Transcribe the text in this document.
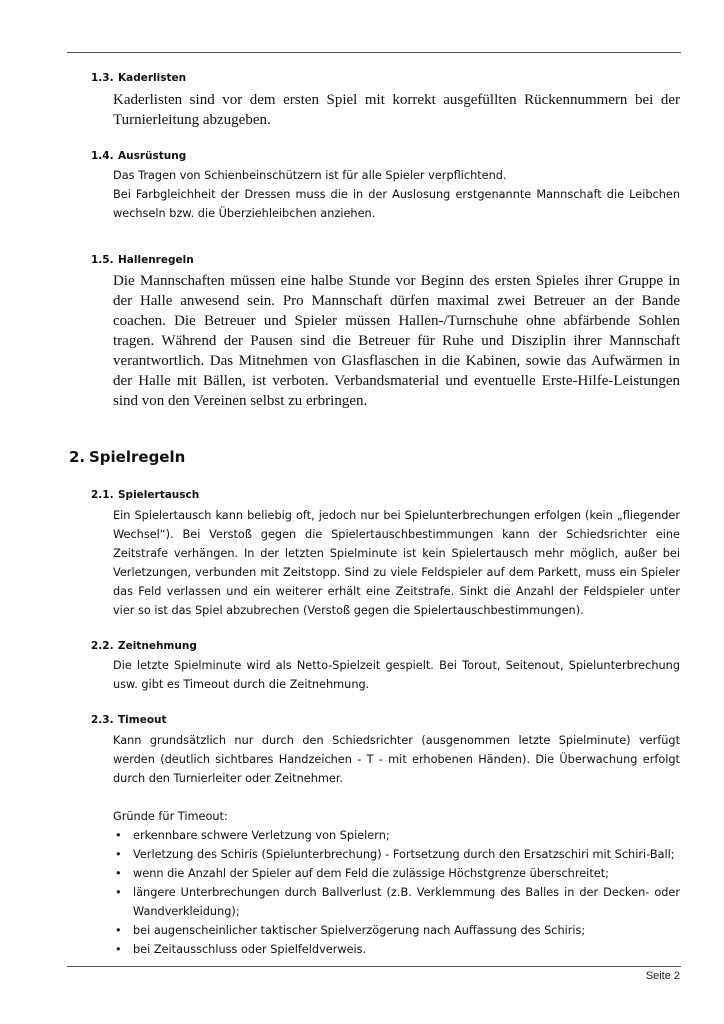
1.3. Kaderlisten

Kaderlisten sind vor dem ersten Spiel mit korrekt ausgefüllten Rückennummern bei der Turnierleitung abzugeben.

1.4. Ausrüstung

Das Tragen von Schienbeinschützern ist für alle Spieler verpflichtend.

Bei Farbgleichheit der Dressen muss die in der Auslosung erstgenannte Mannschaft die Leibchen wechseln bzw. die Überziehleibchen anziehen.

1.5. Hallenregeln

Die Mannschaften müssen eine halbe Stunde vor Beginn des ersten Spieles ihrer Gruppe in der Halle anwesend sein. Pro Mannschaft dürfen maximal zwei Betreuer an der Bande coachen. Die Betreuer und Spieler müssen Hallen-/Turnschuhe ohne abfärbende Sohlen tragen. Während der Pausen sind die Betreuer für Ruhe und Disziplin ihrer Mannschaft verantwortlich. Das Mitnehmen von Glasflaschen in die Kabinen, sowie das Aufwärmen in der Halle mit Bällen, ist verboten. Verbandsmaterial und eventuelle Erste-Hilfe-Leistungen sind von den Vereinen selbst zu erbringen.

2. Spielregeln
2.1. Spielertausch

Ein Spielertausch kann beliebig oft, jedoch nur bei Spielunterbrechungen erfolgen (kein „fliegender Wechsel“). Bei Verstoß gegen die Spielertauschbestimmungen kann der Schiedsrichter eine Zeitstrafe verhängen. In der letzten Spielminute ist kein Spielertausch mehr möglich, außer bei Verletzungen, verbunden mit Zeitstopp. Sind zu viele Feldspieler auf dem Parkett, muss ein Spieler das Feld verlassen und ein weiterer erhält eine Zeitstrafe. Sinkt die Anzahl der Feldspieler unter vier so ist das Spiel abzubrechen (Verstoß gegen die Spielertauschbestimmungen).

2.2. Zeitnehmung

Die letzte Spielminute wird als Netto-Spielzeit gespielt. Bei Torout, Seitenout, Spielunterbrechung usw. gibt es Timeout durch die Zeitnehmung.

2.3. Timeout

Kann grundsätzlich nur durch den Schiedsrichter (ausgenommen letzte Spielminute) verfügt werden (deutlich sichtbares Handzeichen - T - mit erhobenen Händen). Die Überwachung erfolgt durch den Turnierleiter oder Zeitnehmer.

Gründe für Timeout:

• erkennbare schwere Verletzung von Spielern;
• Verletzung des Schiris (Spielunterbrechung) - Fortsetzung durch den Ersatzschiri mit Schiri-Ball;
• wenn die Anzahl der Spieler auf dem Feld die zulässige Höchstgrenze überschreitet;
• längere Unterbrechungen durch Ballverlust (z.B. Verklemmung des Balles in der Decken- oder Wandverkleidung);
• bei augenscheinlicher taktischer Spielverzögerung nach Auffassung des Schiris;
• bei Zeitausschluss oder Spielfeldverweis.
Seite 2
